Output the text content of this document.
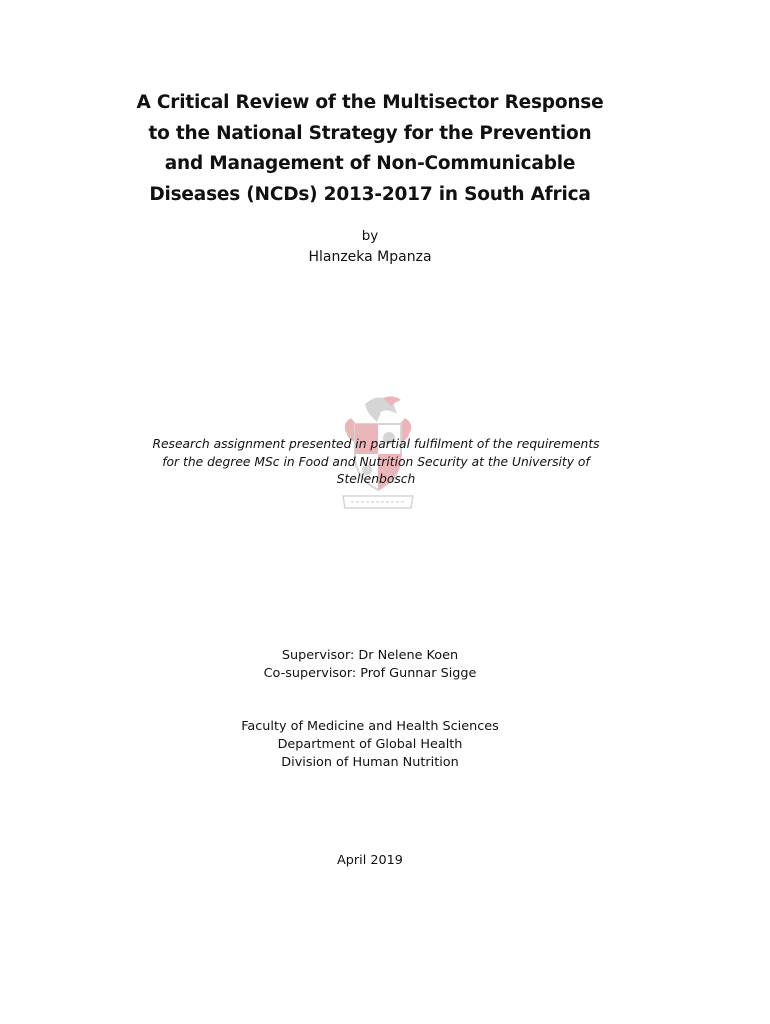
A Critical Review of the Multisector Response
to the National Strategy for the Prevention
and Management of Non-Communicable
Diseases (NCDs) 2013-2017 in South Africa
by
Hlanzeka Mpanza
Research assignment presented in partial fulfilment of the requirements
for the degree MSc in Food and Nutrition Security at the University of
Stellenbosch
Supervisor: Dr Nelene Koen
Co-supervisor: Prof Gunnar Sigge
Faculty of Medicine and Health Sciences
Department of Global Health
Division of Human Nutrition
April 2019
